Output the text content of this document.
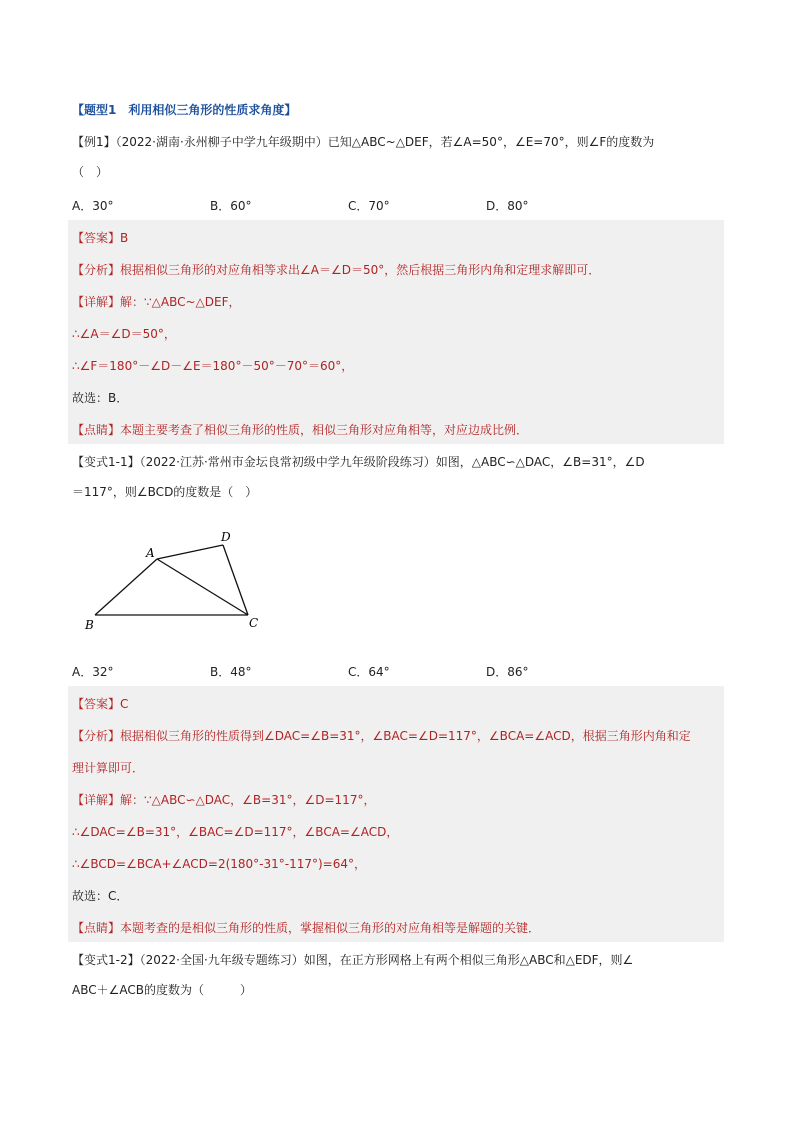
【题型1　利用相似三角形的性质求角度】
【例1】（2022·湖南·永州柳子中学九年级期中）已知△ABC~△DEF，若∠A=50°，∠E=70°，则∠F的度数为
（　）
A．30°	B．60°	C．70°	D．80°
【答案】B
【分析】根据相似三角形的对应角相等求出∠A＝∠D＝50°，然后根据三角形内角和定理求解即可．
【详解】解：∵△ABC~△DEF，
∴∠A＝∠D＝50°，
∴∠F＝180°－∠D－∠E＝180°－50°－70°＝60°，
故选：B．
【点睛】本题主要考查了相似三角形的性质，相似三角形对应角相等，对应边成比例．
【变式1-1】（2022·江苏·常州市金坛良常初级中学九年级阶段练习）如图，△ABC∽△DAC，∠B=31°，∠D
＝117°，则∠BCD的度数是（　）
A
D
B	C
A．32°	B．48°	C．64°	D．86°
【答案】C
【分析】根据相似三角形的性质得到∠DAC=∠B=31°，∠BAC=∠D=117°，∠BCA=∠ACD，根据三角形内角和定
理计算即可．
【详解】解：∵△ABC∽△DAC，∠B=31°，∠D=117°，
∴∠DAC=∠B=31°，∠BAC=∠D=117°，∠BCA=∠ACD，
∴∠BCD=∠BCA+∠ACD=2(180°-31°-117°)=64°，
故选：C．
【点睛】本题考查的是相似三角形的性质，掌握相似三角形的对应角相等是解题的关键．
【变式1-2】（2022·全国·九年级专题练习）如图，在正方形网格上有两个相似三角形△ABC和△EDF，则∠
ABC＋∠ACB的度数为（　　　）
